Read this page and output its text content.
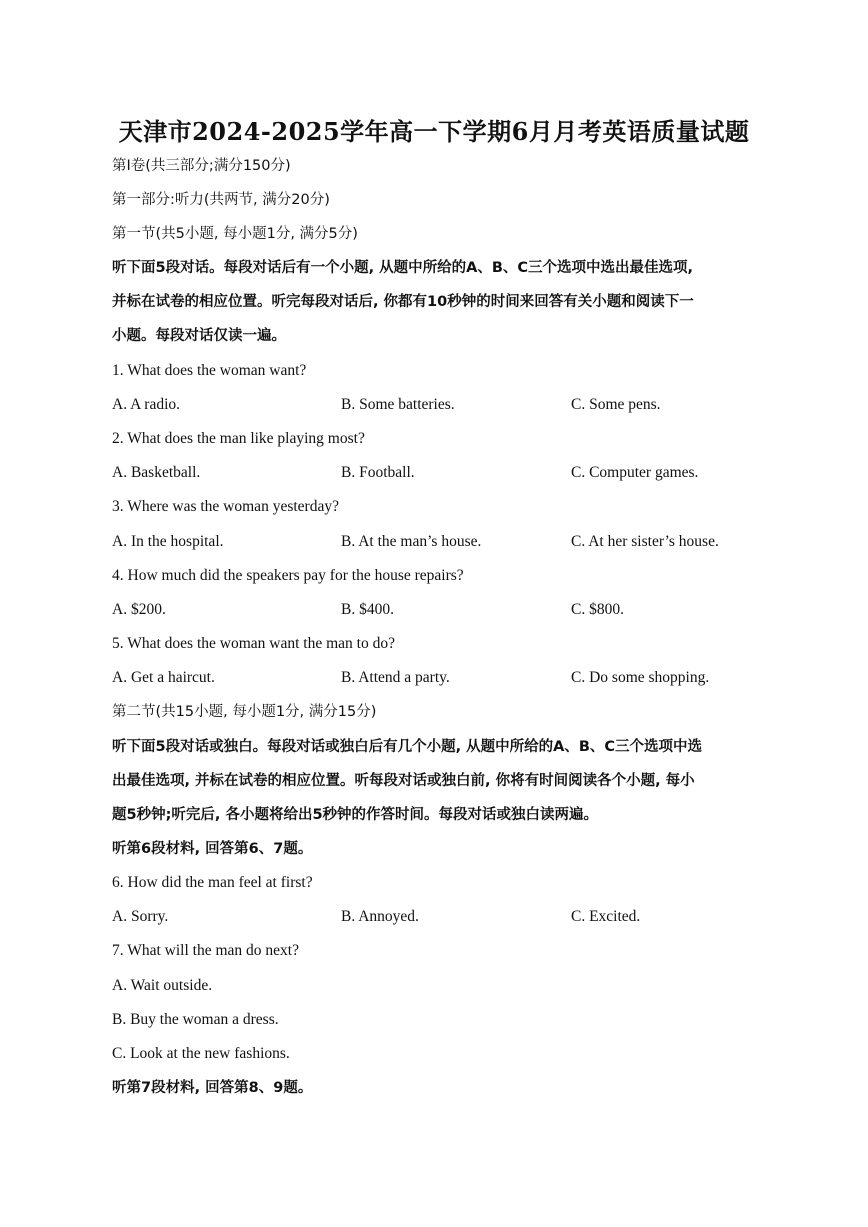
天津市2024-2025学年高一下学期6月月考英语质量试题
第Ⅰ卷(共三部分;满分150分)
第一部分:听力(共两节, 满分20分)
第一节(共5小题, 每小题1分, 满分5分)
听下面5段对话。每段对话后有一个小题, 从题中所给的A、B、C三个选项中选出最佳选项,
并标在试卷的相应位置。听完每段对话后, 你都有10秒钟的时间来回答有关小题和阅读下一
小题。每段对话仅读一遍。
1. What does the woman want?
A. A radio.	B. Some batteries.	C. Some pens.
2. What does the man like playing most?
A. Basketball.	B. Football.	C. Computer games.
3. Where was the woman yesterday?
A. In the hospital.	B. At the man’s house.	C. At her sister’s house.
4. How much did the speakers pay for the house repairs?
A. $200.	B. $400.	C. $800.
5. What does the woman want the man to do?
A. Get a haircut.	B. Attend a party.	C. Do some shopping.
第二节(共15小题, 每小题1分, 满分15分)
听下面5段对话或独白。每段对话或独白后有几个小题, 从题中所给的A、B、C三个选项中选
出最佳选项, 并标在试卷的相应位置。听每段对话或独白前, 你将有时间阅读各个小题, 每小
题5秒钟;听完后, 各小题将给出5秒钟的作答时间。每段对话或独白读两遍。
听第6段材料, 回答第6、7题。
6. How did the man feel at first?
A. Sorry.	B. Annoyed.	C. Excited.
7. What will the man do next?
A. Wait outside.
B. Buy the woman a dress.
C. Look at the new fashions.
听第7段材料, 回答第8、9题。
